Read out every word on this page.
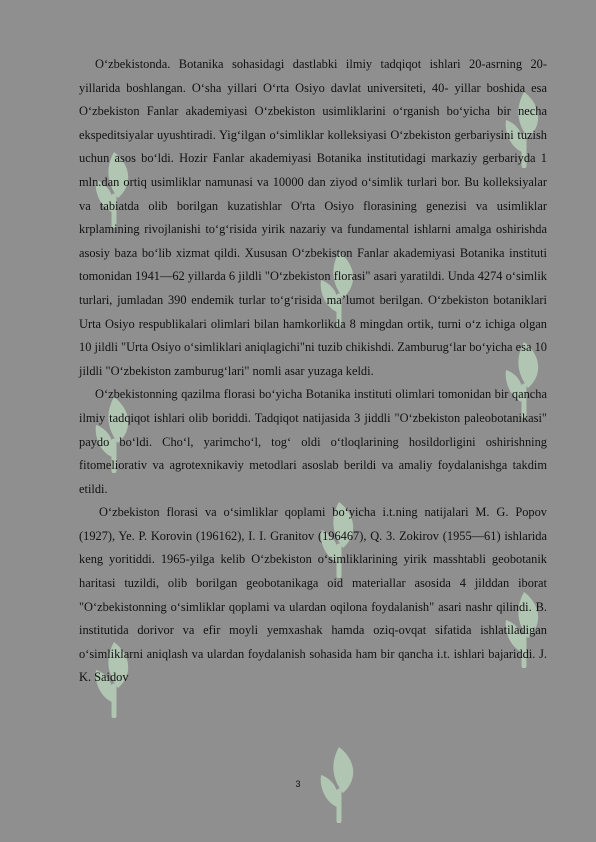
O‘zbekistonda. Botanika sohasidagi dastlabki ilmiy tadqiqot ishlari 20-asrning 20- yillarida boshlangan. O‘sha yillari O‘rta Osiyo davlat universiteti, 40- yillar boshida esa O‘zbekiston Fanlar akademiyasi O‘zbekiston usimliklarini o‘rganish bo‘yicha bir necha ekspeditsiyalar uyushtiradi. Yig‘ilgan o‘simliklar kolleksiyasi O‘zbekiston gerbariysini tuzish uchun asos bo‘ldi. Hozir Fanlar akademiyasi Botanika institutidagi markaziy gerbariyda 1 mln.dan ortiq usimliklar namunasi va 10000 dan ziyod o‘simlik turlari bor. Bu kolleksiyalar va tabiatda olib borilgan kuzatishlar O'rta Osiyo florasining genezisi va usimliklar krplamining rivojlanishi to‘g‘risida yirik nazariy va fundamental ishlarni amalga oshirishda asosiy baza bo‘lib xizmat qildi. Xususan O‘zbekiston Fanlar akademiyasi Botanika instituti tomonidan 1941—62 yillarda 6 jildli "O‘zbekiston florasi" asari yaratildi. Unda 4274 o‘simlik turlari, jumladan 390 endemik turlar to‘g‘risida ma’lumot berilgan. O‘zbekiston botaniklari Urta Osiyo respublikalari olimlari bilan hamkorlikda 8 mingdan ortik, turni o‘z ichiga olgan 10 jildli "Urta Osiyo o‘simliklari aniqlagichi"ni tuzib chikishdi. Zamburug‘lar bo‘yicha esa 10 jildli "O‘zbekiston zamburug‘lari" nomli asar yuzaga keldi.

O‘zbekistonning qazilma florasi bo‘yicha Botanika instituti olimlari tomonidan bir qancha ilmiy tadqiqot ishlari olib boriddi. Tadqiqot natijasida 3 jiddli "O‘zbekiston paleobotanikasi" paydo bo‘ldi. Cho‘l, yarimcho‘l, tog‘ oldi o‘tloqlarining hosildorligini oshirishning fitomeliorativ va agrotexnikaviy metodlari asoslab berildi va amaliy foydalanishga takdim etildi.

O‘zbekiston florasi va o‘simliklar qoplami bo‘yicha i.t.ning natijalari M. G. Popov (1927), Ye. P. Korovin (196162), I. I. Granitov (196467), Q. 3. Zokirov (1955—61) ishlarida keng yoritiddi. 1965-yilga kelib O‘zbekiston o‘simliklarining yirik masshtabli geobotanik haritasi tuzildi, olib borilgan geobotanikaga oid materiallar asosida 4 jilddan iborat "O‘zbekistonning o‘simliklar qoplami va ulardan oqilona foydalanish" asari nashr qilindi. B. institutida dorivor va efir moyli yemxashak hamda oziq-ovqat sifatida ishlatiladigan o‘simliklarni aniqlash va ulardan foydalanish sohasida ham bir qancha i.t. ishlari bajariddi. J. K. Saidov

3
